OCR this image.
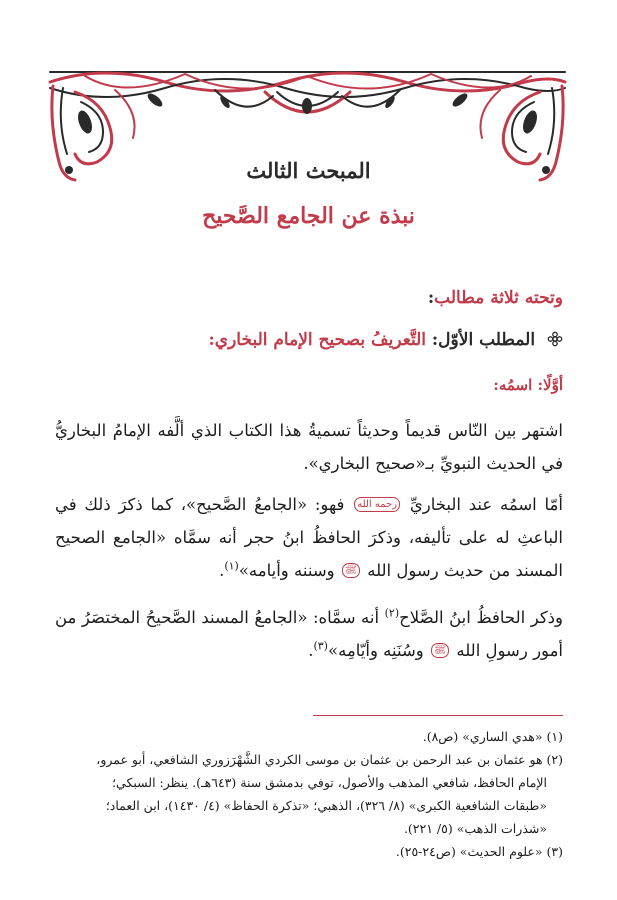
المبحث الثالث
نبذة عن الجامع الصَّحيح
وتحته ثلاثة مطالب:
المطلب الأوّل: التَّعريفُ بصحيح الإمام البخاري:
أوَّلًا: اسمُه:

اشتهر بين النّاس قديماً وحديثاً تسميةُ هذا الكتاب الذي ألَّفه الإمامُ البخاريُّ في الحديث النبويِّ بـ«صحيح البخاري».

أمّا اسمُه عند البخاريِّ رحمه الله فهو: «الجامعُ الصَّحيح»، كما ذكرَ ذلك في الباعثِ له على تأليفه، وذكرَ الحافظُ ابنُ حجر أنه سمَّاه «الجامع الصحيح المسند من حديث رسول الله ﷺ وسننه وأيامه»$^{(١)}$.

وذكر الحافظُ ابنُ الصَّلاح$^{(٢)}$ أنه سمَّاه: «الجامعُ المسند الصَّحيحُ المختصَرُ من أمور رسولِ الله ﷺ وسُنَنِه وأيّامِه»$^{(٣)}$.

(١) «هدي الساري» (ص٨).

(٢) هو عثمان بن عبد الرحمن بن عثمان بن موسى الكردي الشَّهْرَزوري الشافعي، أبو عمرو،
الإمام الحافظ، شافعي المذهب والأصول، توفي بدمشق سنة (٦٤٣هـ). ينظر: السبكي؛
«طبقات الشافعية الكبرى» (٨/ ٣٢٦)، الذهبي؛ «تذكرة الحفاظ» (٤/ ١٤٣٠)، ابن العماد؛
«شذرات الذهب» (٥/ ٢٢١).

(٣) «علوم الحديث» (ص٢٤-٢٥).
